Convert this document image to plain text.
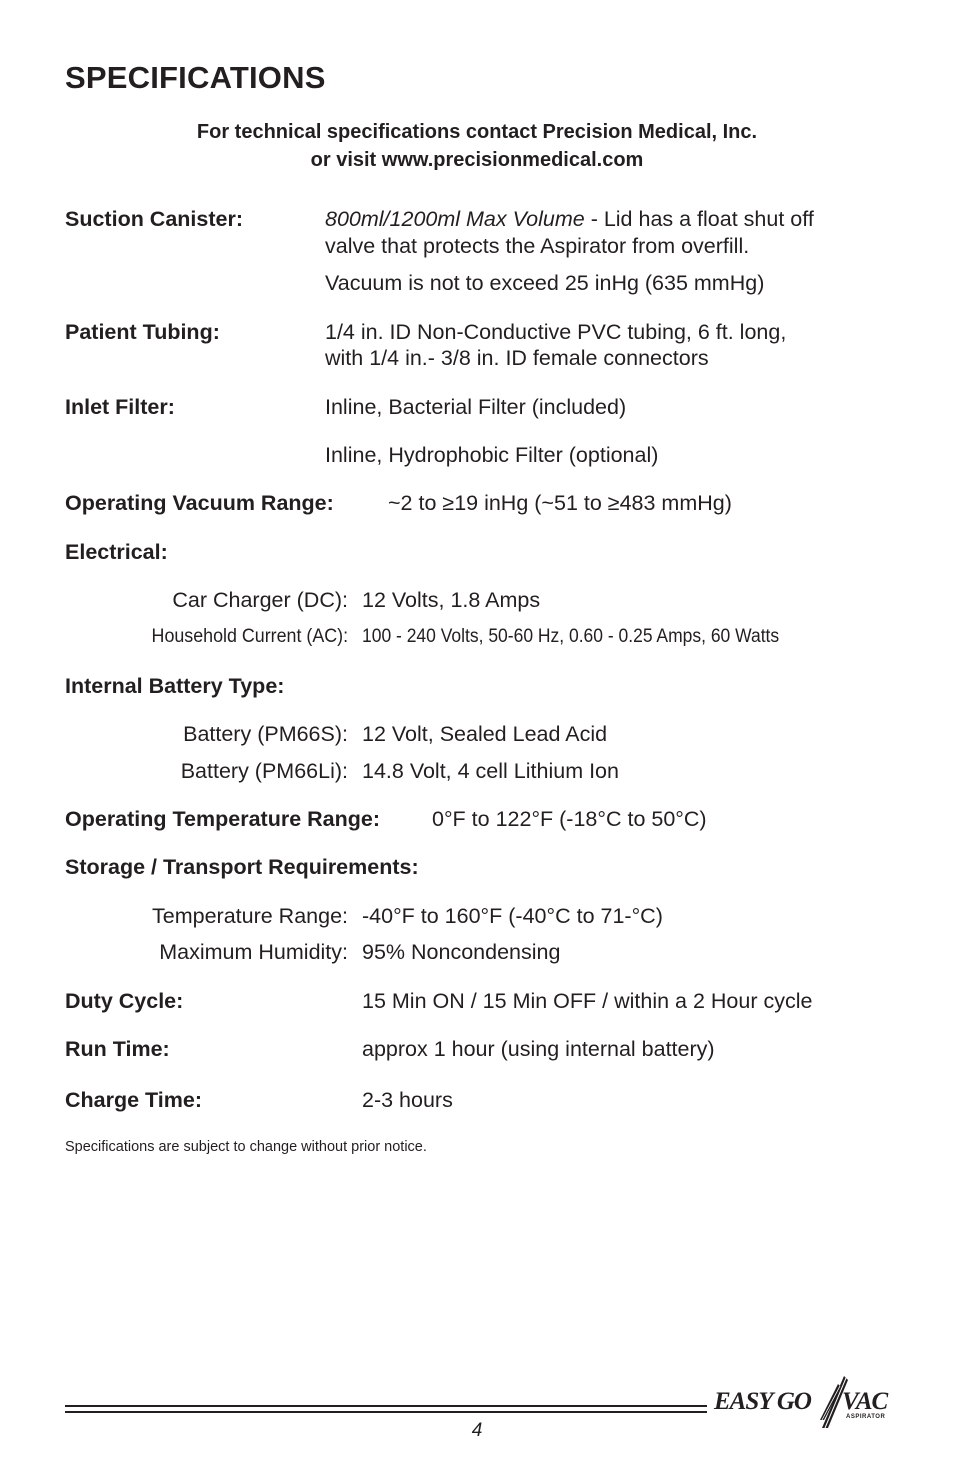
SPECIFICATIONS
For technical specifications contact Precision Medical, Inc.
or visit www.precisionmedical.com
Suction Canister:	800ml/1200ml Max Volume - Lid has a float shut off
valve that protects the Aspirator from overfill.
Vacuum is not to exceed 25 inHg (635 mmHg)
Patient Tubing:	1/4 in. ID Non-Conductive PVC tubing, 6 ft. long,
with 1/4 in.- 3/8 in. ID female connectors
Inlet Filter:	Inline, Bacterial Filter (included)
Inline, Hydrophobic Filter (optional)
Operating Vacuum Range:	~2 to ≥19 inHg (~51 to ≥483 mmHg)
Electrical:
Car Charger (DC): 12 Volts, 1.8 Amps
Household Current (AC): 100 - 240 Volts, 50-60 Hz, 0.60 - 0.25 Amps, 60 Watts
Internal Battery Type:
Battery (PM66S): 12 Volt, Sealed Lead Acid
Battery (PM66Li): 14.8 Volt, 4 cell Lithium Ion
Operating Temperature Range: 0°F to 122°F (-18°C to 50°C)
Storage / Transport Requirements:
Temperature Range: -40°F to 160°F (-40°C to 71-°C)
Maximum Humidity: 95% Noncondensing
Duty Cycle:	15 Min ON / 15 Min OFF / within a 2 Hour cycle
Run Time:	approx 1 hour (using internal battery)
Charge Time:	2-3 hours
Specifications are subject to change without prior notice.
4
EASY GO VAC
ASPIRATOR
